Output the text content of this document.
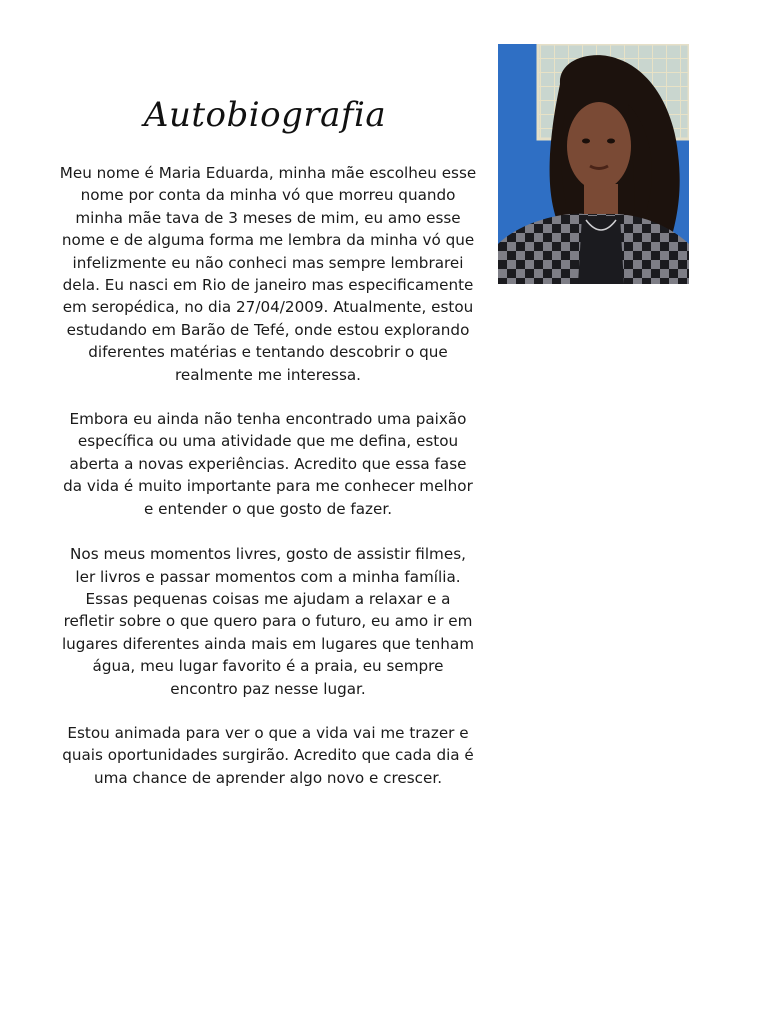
Autobiografia

Meu nome é Maria Eduarda, minha mãe escolheu esse nome por conta da minha vó que morreu quando minha mãe tava de 3 meses de mim, eu amo esse nome e de alguma forma me lembra da minha vó que infelizmente eu não conheci mas sempre lembrarei dela. Eu nasci em Rio de janeiro mas especificamente em seropédica, no dia 27/04/2009. Atualmente, estou estudando em Barão de Tefé, onde estou explorando diferentes matérias e tentando descobrir o que realmente me interessa.

Embora eu ainda não tenha encontrado uma paixão específica ou uma atividade que me defina, estou aberta a novas experiências. Acredito que essa fase da vida é muito importante para me conhecer melhor e entender o que gosto de fazer.

Nos meus momentos livres, gosto de assistir filmes, ler livros e passar momentos com a minha família. Essas pequenas coisas me ajudam a relaxar e a refletir sobre o que quero para o futuro, eu amo ir em lugares diferentes ainda mais em lugares que tenham água, meu lugar favorito é a praia, eu sempre encontro paz nesse lugar.

Estou animada para ver o que a vida vai me trazer e quais oportunidades surgirão. Acredito que cada dia é uma chance de aprender algo novo e crescer.
